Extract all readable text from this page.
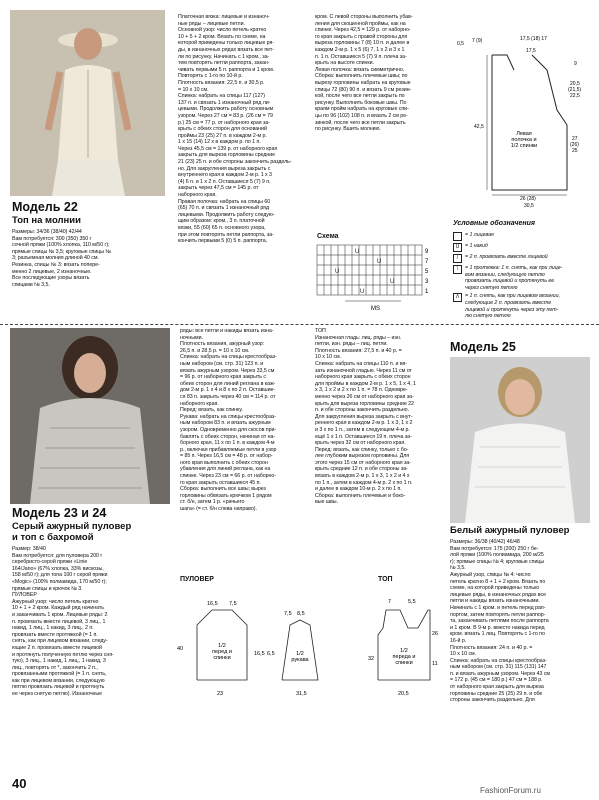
Модель 22
Топ на молнии
Размеры: 34/36 (38/40) 42/44
Вам потребуется: 300 (350) 350 г
сочной пряжи (100% хлопка, 110 м/50 г);
прямые спицы № 3,5; круговые спицы №
3; разъемная молния длиной 40 см.
Резинка, спицы № 3: вязать попере-
менно 2 лицевые, 2 изнаночные.
Все последующие узоры вязать
спицами № 3,5.
Платочная вязка: лицевые и изнаноч-
ные ряды – лицевые петли.
Основной узор: число петель кратно
10 + 5 + 2 кром. Вязать по схеме, на
которой приведены только лицевые ря-
ды, в изнаночных рядах вязать все пет-
ли по рисунку. Начинать с 1 кром., за-
тем повторять петли раппорта, закан-
чивать первыми 5 п. раппорта и 1 кром.
Повторять с 1-го по 10-й р.
Плотность вязания: 22,5 п. и 30,5 р.
= 10 х 10 см.
Спинка: набрать на спицы 117 (127)
137 п. и связать 1 изнаночный ряд ли-
цевыми. Продолжить работу основным
узором. Через 27 см = 83 р. (26 см = 79
р.) 25 см = 77 р. от наборного края за-
крыть с обеих сторон для оснований
проймы 23 (25) 27 п. в каждом 2-м р.
1 х 15 (14) 12 х в каждом р. по 1 п.
Через 45,5 см = 139 р. от наборного края
закрыть для выреза горловины средние
21 (23) 25 п. и обе стороны закончить раздель-
но. Для закругления выреза закрыть с
внутреннего края в каждом 2-м р. 1 х 3
(4) 6 п. и 1 х 2 п. Оставшиеся 5 (7) 9 п.
закрыть через 47,5 см = 145 р. от
наборного края.
Правая полочка: набрать на спицы 60
(65) 70 п. и связать 1 изнаночный ряд
лицевыми. Продолжить работу следую-
щим образом: кром., 3 п. платочной
вязки, 55 (60) 65 п. основного узора,
при этом повторять петли раппорта, за-
кончить первыми 5 (0) 5 п. раппорта,
кром. С левой стороны выполнить убав-
ления для скошенной проймы, как на
спинке. Через 42,5 = 129 р. от наборно-
го края закрыть с правой стороны для
выреза горловины 7 (8) 10 п. и далее в
каждом 2-м р. 1 х 5 (6) 7, 1 х 2 и 3 х 1
п. 1 п. Оставшиеся 5 (7) 9 п. плеча за-
крыть на высоте спинки.
Левая полочка: вязать симметрично.
Сборка: выполнить плечевые швы; по
вырезу горловины набрать на круговые
спицы 72 (80) 90 п. и вязать 9 см резин-
кой, после чего все петли закрыть по
рисунку. Выполнить боковые швы. По
краям пройм набрать на круговые спи-
цы по 96 (102) 108 п. и вязать 2 см ре-
зинкой, после чего все петли закрыть
по рисунку. Вшить молнию.
Левая
полочка и
1/2 спинки
0,5 7 (9)	17,5 (18) 17
17,5
9
20,5
(21,5)
22,5
42,5
27
(26)
25
26 (28)
30,5
Условные обозначения
= 1 лицевая
U	= 1 накид
/	= 2 п. провязать вместе лицевой
\	= 1 протяжка: 1 п. снять, как при лице-
вом вязании, следующую петлю
провязать лицевой и протянуть ее
через снятую петлю
Λ	= 1 п. снять, как при лицевом вязании,
следующие 2 п. провязать вместе
лицевой и протянуть через эту пет-
лю снятую петлю
Схема
U
U
U
U
U
MS
9
7
5
3
1
Модель 23 и 24
Серый ажурный пуловер
и топ с бахромой
Размер: 38/40
Вам потребуется: для пуловера 200 г
серебристо-серой пряжи «Linie
164/Jano» (67% хлопка, 33% вискозы,
158 м/50 г); для топа 100 г серой пряжи
«Mogic» (100% полиамида, 170 м/50 г);
прямые спицы и крючок № 3.
ПУЛОВЕР
Ажурный узор: число петель кратно
10 + 1 + 2 кром. Каждый ряд начинать
и заканчивать 1 кром. Лицевые ряды: 2
п. провязать вместе лицевой, 3 лиц., 1
накид, 1 лиц., 1 накид, 3 лиц., 2 п.
провязать вместе протяжкой (= 1 п.
снять, как при лицевом вязании, следу-
ющие 2 п. провязать вместе лицевой
и протянуть полученную петлю через сня-
тую), 3 лиц., 1 накид, 1 лиц., 1 накид, 3
лиц., повторять от *, закончить 2 п.,
провязанными протяжкой (= 1 п. снять,
как при лицевом вязании, следующую
петлю провязать лицевой и протянуть
ее через снятую петлю). Изнаночные
ряды: все петли и накиды вязать изна-
ночными.
Плотность вязания, ажурный узор:
26,5 п. и 28,5 р. = 10 х 10 см.
Спинка: набрать на спицы крестообраз-
ным набором (см. стр. 31) 123 п. и
вязать ажурным узором. Через 33,5 см
= 96 р. от наборного края закрыть с
обеих сторон для линий реглана в каж-
дом 2-м р. 1 х 4 и 8 х по 2 п. Оставшие-
ся 83 п. закрыть через 40 см = 114 р. от
наборного края.
Перед: вязать, как спинку.
Рукава: набрать на спицы крестообраз-
ным набором 83 п. и вязать ажурным
узором. Одновременно для скосов при-
бавлять с обеих сторон, начиная от на-
борного края, 11 х по 1 п. в каждом 4-м
р., включая прибавляемые петли в узор
= 85 п. Через 16,5 см = 48 р. от набор-
ного края выполнить с обеих сторон
убавления для линий реглана, как на
спинке. Через 23 см = 66 р. от наборно-
го края закрыть оставшиеся 45 п.
Сборка: выполнить все швы; вырез
горловины обвязать крючком 1 рядом
ст. б/н, затем 1 р. «рачьего
шага» (= ст. б/н слева направо).
ТОП
Изнаночная гладь: лиц. ряды – изн.
петли, изн. ряды – лиц. петли.
Плотность вязания: 27,5 п. и 40 р. =
10 х 10 см.
Спинка: набрать на спицы 110 п. и вя-
зать изнаночной гладью. Через 11 см от
наборного края закрыть с обеих сторон
для проймы в каждом 2-м р. 1 х 5, 1 х 4, 1
х 3, 1 х 2 и 2 х по 1 п. = 78 п. Одновре-
менно через 26 см от наборного края за-
крыть для выреза горловины средние 22
п. и обе стороны закончить раздельно.
Для закругления выреза закрыть с внут-
реннего края в каждом 2-м р. 1 х 3, 1 х 2
и 3 х по 1 п., затем в следующем 4-м р.
ещё 1 х 1 п. Оставшиеся 19 п. плеча за-
крыть через 32 см от наборного края.
Перед: вязать, как спинку, только с бо-
лее глубоким вырезом горловины. Для
этого через 15 см от наборного края за-
крыть средние 12 п. и обе стороны за-
вязать в каждом 2-м р. 1 х 3, 1 х 2 и 4 х
по 1 п., затем в каждом 4-м р. 2 х по 1 п.
и далее в каждом 10-м р. 2 х по 1 п.
Сборка: выполнить плечевые и боко-
вые швы.
Модель 25
Белый ажурный пуловер
Размеры: 36/38 (40/42) 46/48
Вам потребуется: 175 (200) 250 г бе-
лой пряжи (100% полиамида, 200 м/25
г); прямые спицы № 4; круговые спицы
№ 3,5.
Ажурный узор, спицы № 4: число
петель кратно 8 + 1 + 2 кром. Вязать по
схеме, на которой приведены только
лицевые ряды, в изнаночных рядах все
петли и накиды вязать изнаночными.
Начинать с 1 кром. и петель перед рап-
портом, затем повторять петли раппор-
та, заканчивать петлями после раппорта
и 1 кром. В 9-м р. вместо накида перед
кром. вязать 1 лиц. Повторять с 1-го по
16-й р.
Плотность вязания: 24 п. и 40 р. =
10 х 10 см.
Спинка: набрать на спицы крестообраз-
ным набором (см. стр. 31) 115 (131) 147
п. и вязать ажурным узором. Через 43 см
= 172 р. (45 см = 180 р.) 47 см = 188 р.
от наборного края закрыть для выреза
горловины средние 25 (25) 29 п. и обе
стороны закончить раздельно. Для
ПУЛОВЕР	ТОП
1/2
перед и
спинки
1/2
рукава
16,5 7,5
40
16,5
23
7,5 8,5
6,5
31,5
1/2
переда и
спинки
7	5,5
32
26
11
20,5
40	FashionForum.ru
